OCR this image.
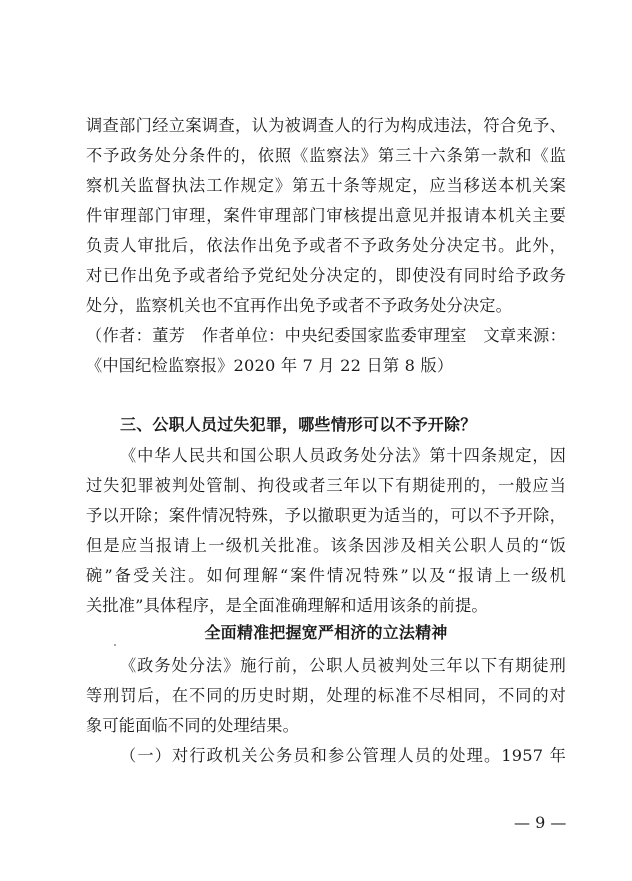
调查部门经立案调查，认为被调查人的行为构成违法，符合免予、
不予政务处分条件的，依照《监察法》第三十六条第一款和《监
察机关监督执法工作规定》第五十条等规定，应当移送本机关案
件审理部门审理，案件审理部门审核提出意见并报请本机关主要
负责人审批后，依法作出免予或者不予政务处分决定书。此外，
对已作出免予或者给予党纪处分决定的，即使没有同时给予政务
处分，监察机关也不宜再作出免予或者不予政务处分决定。
（作者：董芳　作者单位：中央纪委国家监委审理室　文章来源：
《中国纪检监察报》2020 年 7 月 22 日第 8 版）
三、公职人员过失犯罪，哪些情形可以不予开除？
《中华人民共和国公职人员政务处分法》第十四条规定，因
过失犯罪被判处管制、拘役或者三年以下有期徒刑的，一般应当
予以开除；案件情况特殊，予以撤职更为适当的，可以不予开除，
但是应当报请上一级机关批准。该条因涉及相关公职人员的“饭
碗”备受关注。如何理解“案件情况特殊”以及“报请上一级机
关批准”具体程序，是全面准确理解和适用该条的前提。
全面精准把握宽严相济的立法精神
《政务处分法》施行前，公职人员被判处三年以下有期徒刑
等刑罚后，在不同的历史时期，处理的标准不尽相同，不同的对
象可能面临不同的处理结果。
（一）对行政机关公务员和参公管理人员的处理。1957 年
— 9 —
